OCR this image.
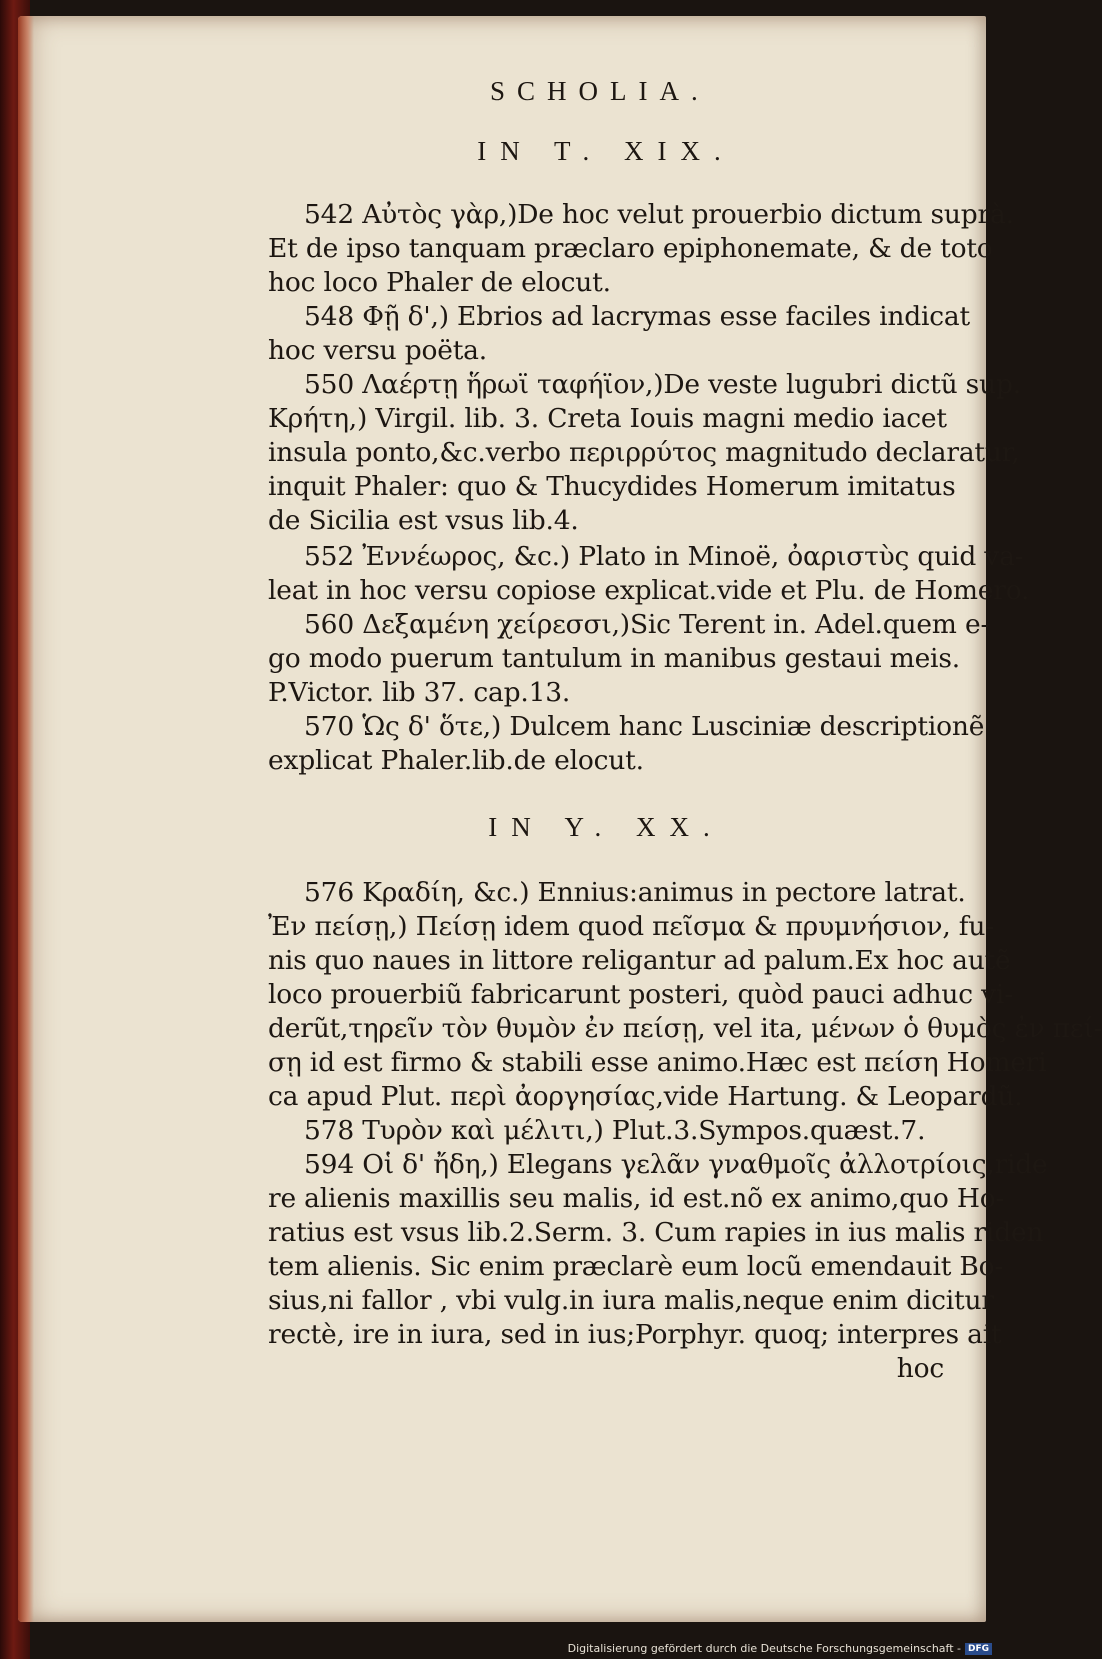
SCHOLIA.
IN T. XIX.
542 Αὐτὸς γὰρ,)De hoc velut prouerbio dictum suprà.
Et de ipso tanquam præclaro epiphonemate, & de toto
hoc loco Phaler de elocut.
548 Φῇ δ',) Ebrios ad lacrymas esse faciles indicat
hoc versu poëta.
550 Λαέρτῃ ἥρωϊ ταφήϊον,)De veste lugubri dictũ sup.
Κρήτη,) Virgil. lib. 3. Creta Iouis magni medio iacet
insula ponto,&c.verbo περιρρύτος magnitudo declaratur,
inquit Phaler: quo & Thucydides Homerum imitatus
de Sicilia est vsus lib.4.
552 Ἐννέωρος, &c.) Plato in Minoë, ὀαριστὺς quid va-
leat in hoc versu copiose explicat.vide et Plu. de Homero.
560 Δεξαμένη χείρεσσι,)Sic Terent in. Adel.quem e-
go modo puerum tantulum in manibus gestaui meis.
P.Victor. lib 37. cap.13.
570 Ὡς δ' ὅτε,) Dulcem hanc Lusciniæ descriptionẽ
explicat Phaler.lib.de elocut.
IN Y. XX.
576 Κραδίη, &c.) Ennius:animus in pectore latrat.
Ἐν πείσῃ,) Πείσῃ idem quod πεῖσμα & πρυμνήσιον, fu-
nis quo naues in littore religantur ad palum.Ex hoc autẽ
loco prouerbiũ fabricarunt posteri, quòd pauci adhuc vi-
derũt,τηρεῖν τὸν θυμὸν ἐν πείσῃ, vel ita, μένων ὁ θυμὸς ἐν πεί-
σῃ id est firmo & stabili esse animo.Hæc est πείση Homeri
ca apud Plut. περὶ ἀοργησίας,vide Hartung. & Leopardũ.
578 Τυρὸν καὶ μέλιτι,) Plut.3.Sympos.quæst.7.
594 Οἱ δ' ἤδη,) Elegans γελᾶν γναθμοῖς ἀλλοτρίοις,ride
re alienis maxillis seu malis, id est.nõ ex animo,quo Ho-
ratius est vsus lib.2.Serm. 3. Cum rapies in ius malis riden
tem alienis. Sic enim præclarè eum locũ emendauit Bo-
sius,ni fallor , vbi vulg.in iura malis,neque enim dicitur
rectè, ire in iura, sed in ius;Porphyr. quoq; interpres ait
hoc
Digitalisierung gefördert durch die Deutsche Forschungsgemeinschaft - DFG
